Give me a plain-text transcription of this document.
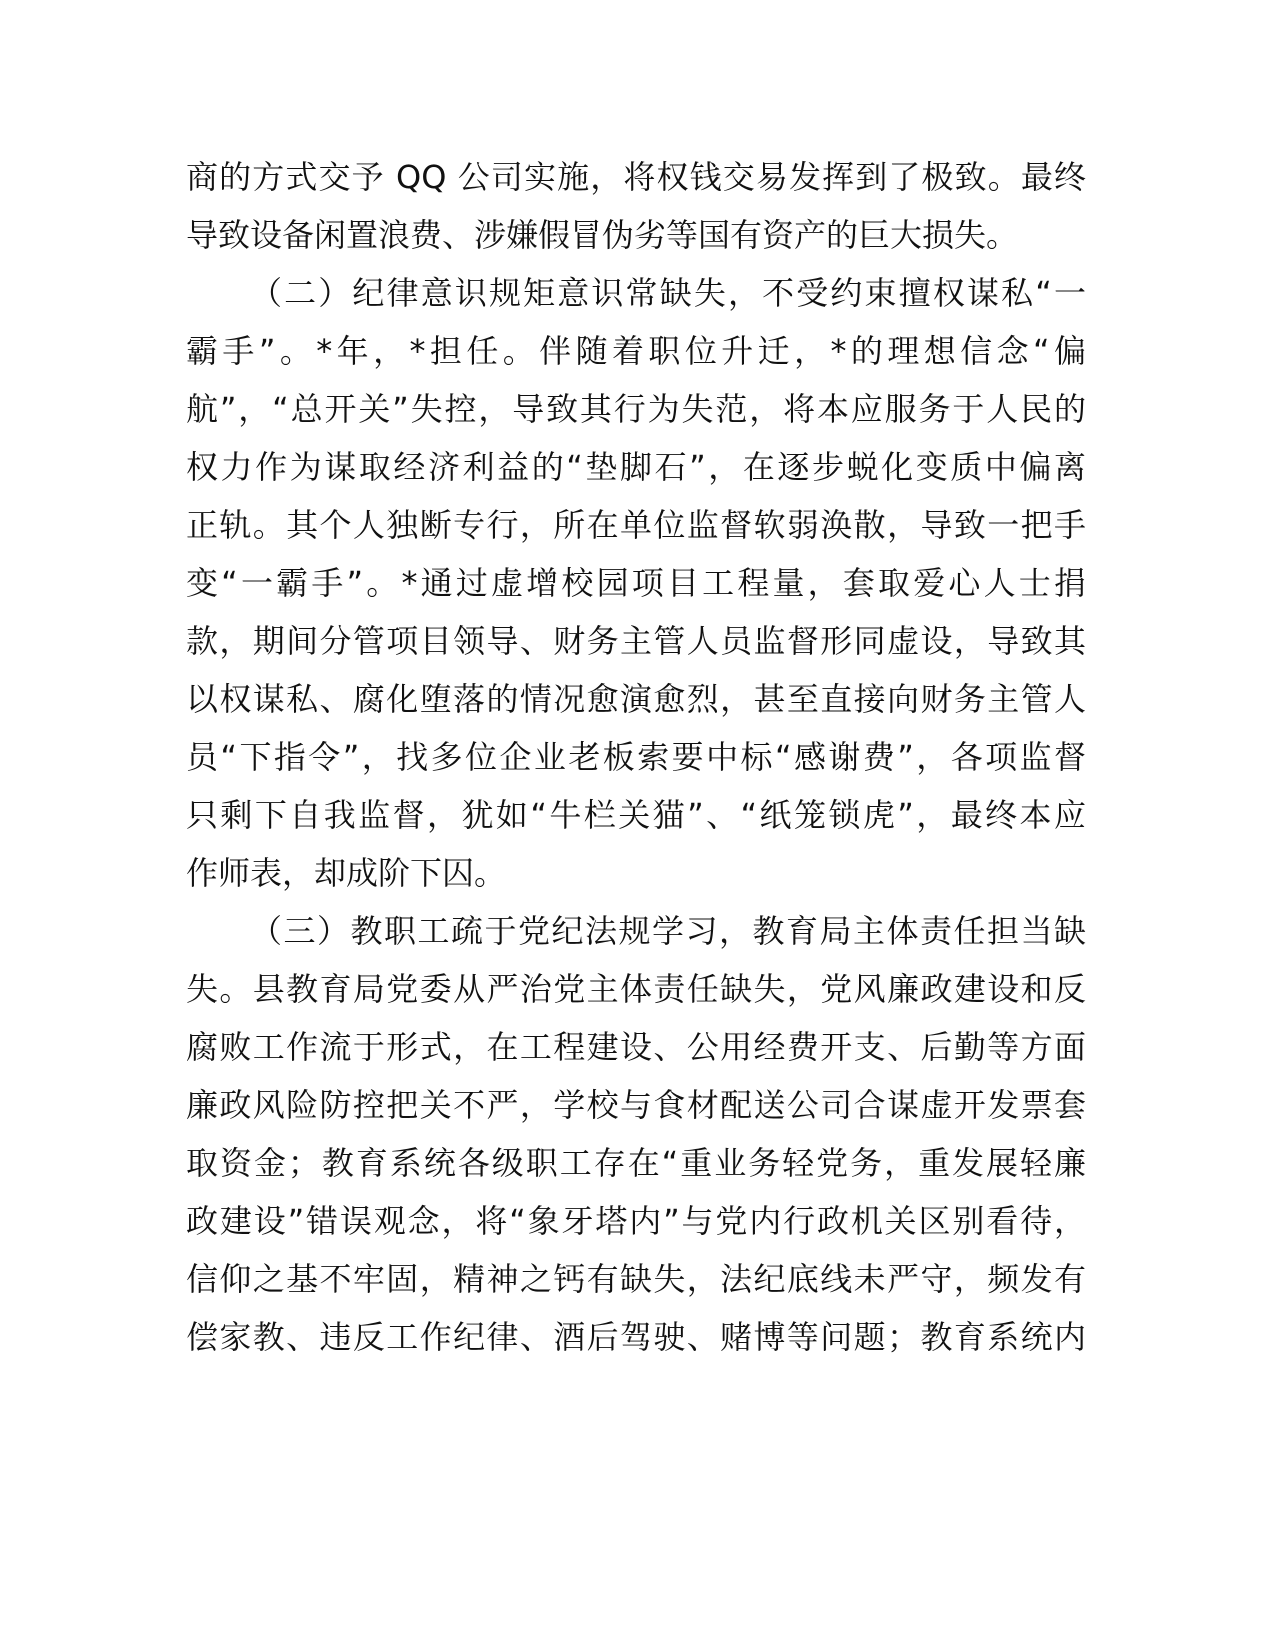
商的方式交予 QQ 公司实施，将权钱交易发挥到了极致。最终
导致设备闲置浪费、涉嫌假冒伪劣等国有资产的巨大损失。
（二）纪律意识规矩意识常缺失，不受约束擅权谋私“一
霸手”。*年，*担任。伴随着职位升迁，*的理想信念“偏
航”，“总开关”失控，导致其行为失范，将本应服务于人民的
权力作为谋取经济利益的“垫脚石”，在逐步蜕化变质中偏离
正轨。其个人独断专行，所在单位监督软弱涣散，导致一把手
变“一霸手”。*通过虚增校园项目工程量，套取爱心人士捐
款，期间分管项目领导、财务主管人员监督形同虚设，导致其
以权谋私、腐化堕落的情况愈演愈烈，甚至直接向财务主管人
员“下指令”，找多位企业老板索要中标“感谢费”，各项监督
只剩下自我监督，犹如“牛栏关猫”、“纸笼锁虎”，最终本应
作师表，却成阶下囚。
（三）教职工疏于党纪法规学习，教育局主体责任担当缺
失。县教育局党委从严治党主体责任缺失，党风廉政建设和反
腐败工作流于形式，在工程建设、公用经费开支、后勤等方面
廉政风险防控把关不严，学校与食材配送公司合谋虚开发票套
取资金；教育系统各级职工存在“重业务轻党务，重发展轻廉
政建设”错误观念，将“象牙塔内”与党内行政机关区别看待，
信仰之基不牢固，精神之钙有缺失，法纪底线未严守，频发有
偿家教、违反工作纪律、酒后驾驶、赌博等问题；教育系统内
